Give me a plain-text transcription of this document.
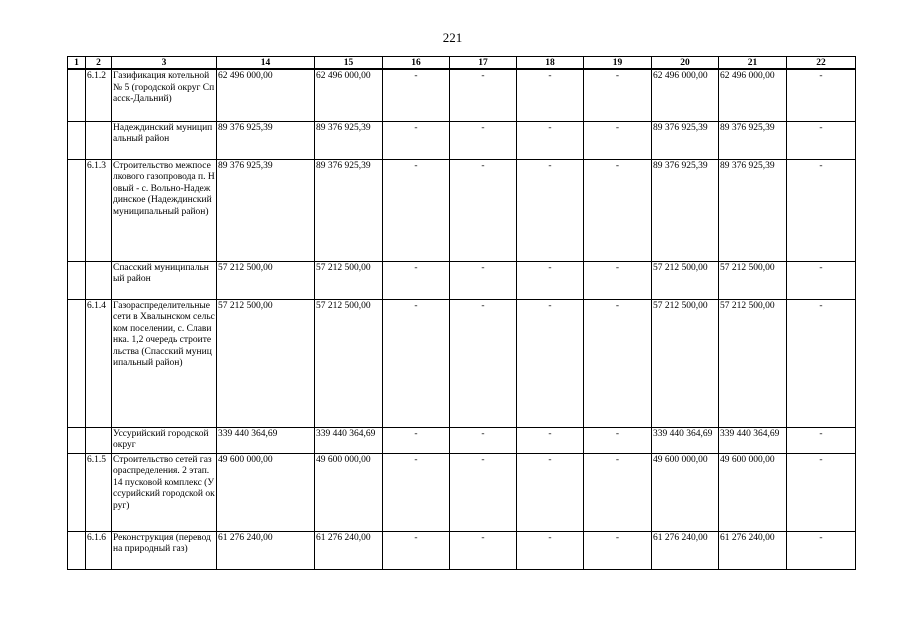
221
1	2	3	14	15	16	17	18	19	20	21	22
	6.1.2	Газификация котельной № 5 (городской округ Спасск-Дальний)	62 496 000,00	62 496 000,00	-	-	-	-	62 496 000,00	62 496 000,00	-
		Надеждинский муниципальный район	89 376 925,39	89 376 925,39	-	-	-	-	89 376 925,39	89 376 925,39	-
	6.1.3	Строительство межпоселкового газопровода п. Новый - с. Вольно-Надеждинское (Надеждинский муниципальный район)	89 376 925,39	89 376 925,39	-	-	-	-	89 376 925,39	89 376 925,39	-
		Спасский муниципальный район	57 212 500,00	57 212 500,00	-	-	-	-	57 212 500,00	57 212 500,00	-
	6.1.4	Газораспределительные сети в Хвалынском сельском поселении, с. Славинка. 1,2 очередь строительства (Спасский муниципальный район)	57 212 500,00	57 212 500,00	-	-	-	-	57 212 500,00	57 212 500,00	-
		Уссурийский городской округ	339 440 364,69	339 440 364,69	-	-	-	-	339 440 364,69	339 440 364,69	-
	6.1.5	Строительство сетей газораспределения. 2 этап. 14 пусковой комплекс (Уссурийский городской округ)	49 600 000,00	49 600 000,00	-	-	-	-	49 600 000,00	49 600 000,00	-
	6.1.6	Реконструкция (перевод на природный газ)	61 276 240,00	61 276 240,00	-	-	-	-	61 276 240,00	61 276 240,00	-
